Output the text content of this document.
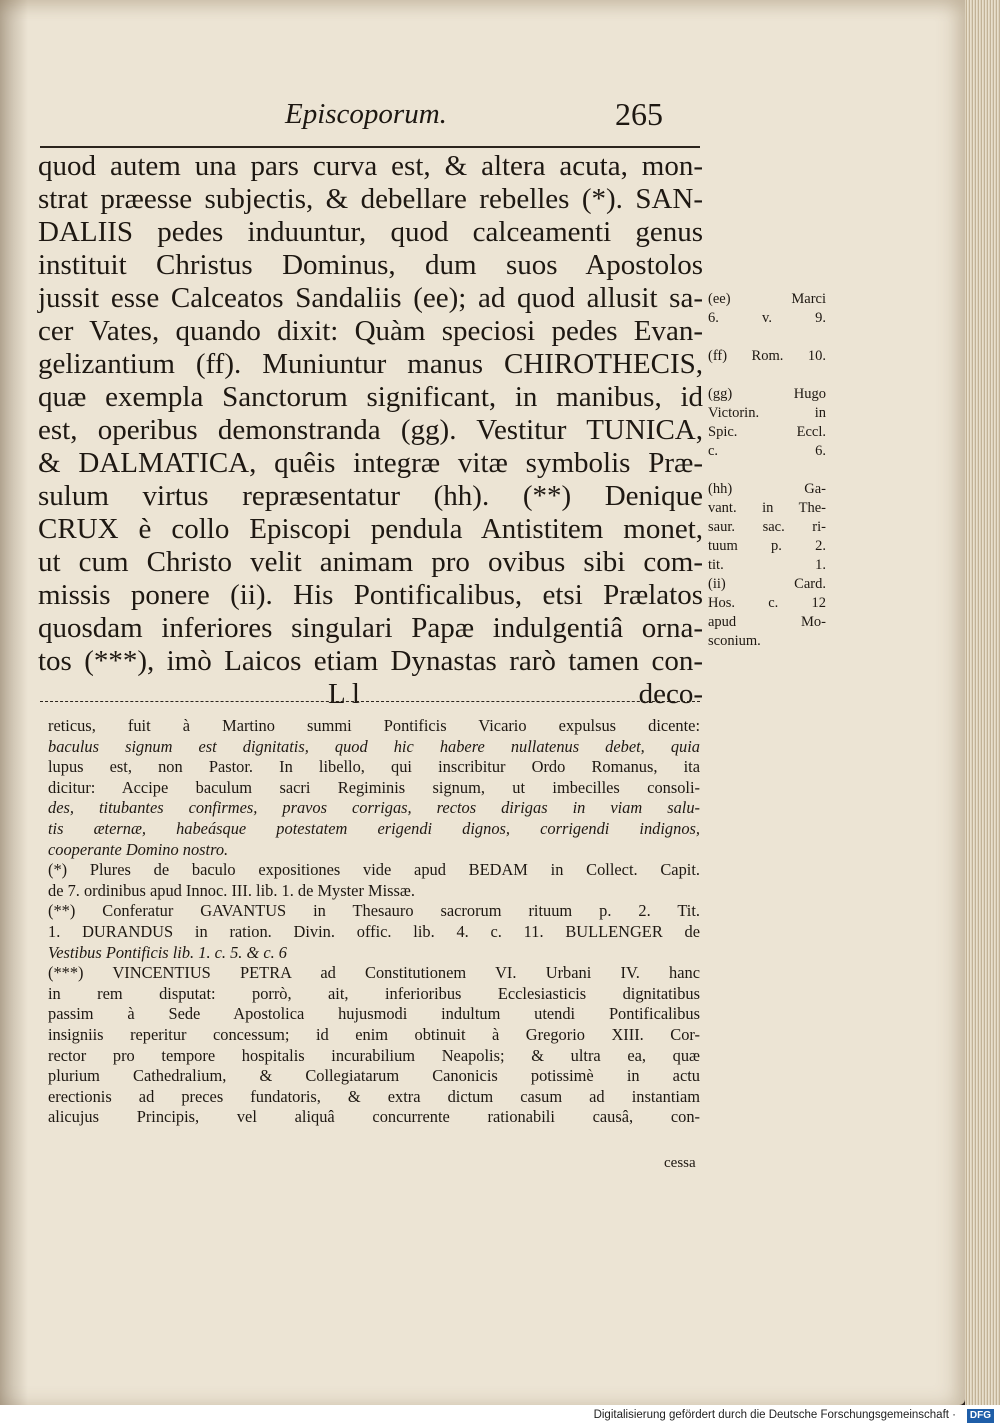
Episcoporum.	265
quod autem una pars curva est, & altera acuta, mon-
strat præesse subjectis, & debellare rebelles (*). SAN-
DALIIS pedes induuntur, quod calceamenti genus
instituit Christus Dominus, dum suos Apostolos
jussit esse Calceatos Sandaliis (ee); ad quod allusit sa-
cer Vates, quando dixit: Quàm speciosi pedes Evan-
gelizantium (ff). Muniuntur manus CHIROTHECIS,
quæ exempla Sanctorum significant, in manibus, id
est, operibus demonstranda (gg). Vestitur TUNICA,
& DALMATICA, quêis integræ vitæ symbolis Præ-
sulum virtus repræsentatur (hh). (**) Denique
CRUX è collo Episcopi pendula Antistitem monet,
ut cum Christo velit animam pro ovibus sibi com-
missis ponere (ii). His Pontificalibus, etsi Prælatos
quosdam inferiores singulari Papæ indulgentiâ orna-
tos (***), imò Laicos etiam Dynastas rarò tamen con-
L l	deco-
(ee) Marci
6. v. 9.

(ff) Rom. 10.

(gg) Hugo
Victorin. in
Spic. Eccl.
c. 6.

(hh) Ga-
vant. in The-
saur. sac. ri-
tuum p. 2.
tit. 1.
(ii) Card.
Hos. c. 12
apud Mo-
sconium.
reticus, fuit à Martino summi Pontificis Vicario expulsus dicente:
baculus signum est dignitatis, quod hic habere nullatenus debet, quia
lupus est, non Pastor. In libello, qui inscribitur Ordo Romanus, ita
dicitur: Accipe baculum sacri Regiminis signum, ut imbecilles consoli-
des, titubantes confirmes, pravos corrigas, rectos dirigas in viam salu-
tis æternæ, habeásque potestatem erigendi dignos, corrigendi indignos,
cooperante Domino nostro.
(*) Plures de baculo expositiones vide apud BEDAM in Collect. Capit.
de 7. ordinibus apud Innoc. III. lib. 1. de Myster Missæ.
(**) Conferatur GAVANTUS in Thesauro sacrorum rituum p. 2. Tit.
1. DURANDUS in ration. Divin. offic. lib. 4. c. 11. BULLENGER de
Vestibus Pontificis lib. 1. c. 5. & c. 6
(***) VINCENTIUS PETRA ad Constitutionem VI. Urbani IV. hanc
in rem disputat: porrò, ait, inferioribus Ecclesiasticis dignitatibus
passim à Sede Apostolica hujusmodi indultum utendi Pontificalibus
insigniis reperitur concessum; id enim obtinuit à Gregorio XIII. Cor-
rector pro tempore hospitalis incurabilium Neapolis; & ultra ea, quæ
plurium Cathedralium, & Collegiatarum Canonicis potissimè in actu
erectionis ad preces fundatoris, & extra dictum casum ad instantiam
alicujus Principis, vel aliquâ concurrente rationabili causâ, con-
cessa
Digitalisierung gefördert durch die Deutsche Forschungsgemeinschaft ·	DFG
